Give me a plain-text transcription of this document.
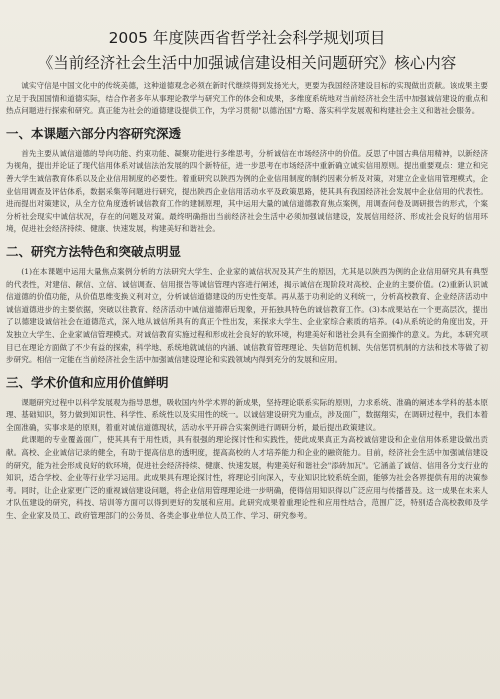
2005 年度陕西省哲学社会科学规划项目
《当前经济社会生活中加强诚信建设相关问题研究》核心内容

诚实守信是中国文化中的传统美德，这种道德观念必须在新时代继续得到发扬光大，更要为我国经济建设目标的实现做出贡献。该成果主要立足于我国国情和道德实际，结合作者多年从事理论教学与研究工作的体会和成果，多维度系统地对当前经济社会生活中加强诚信建设的重点和热点问题进行探索和研究。真正能为社会的道德建设提供工作，为学习贯彻"以德治国"方略、落实科学发展观和构建社会主义和谐社会服务。

一、本课题六部分内容研究深透

首先主要从诚信道德的导向功能、约束功能、凝聚功能进行多维思考，分析诚信在市场经济中的价值。反思了中国古典信用精神，以新经济为视角，提出并论证了现代信用体系对诚信法治发展的四个新特征，进一步思考在市场经济中重新确立诚实信用原则。提出重要观点：建立和完善大学生诚信教育体系以及企业信用制度的必要性。着重研究以陕西为例的企业信用制度的制约因素分析及对策，对建立企业信用管理模式，企业信用调查及评估体系，数据采集等问题进行研究，提出陕西企业信用活动水平及政策思路，使其具有我国经济社会发展中企业信用的代表性。进而提出对策建议，从全方位角度透析诚信教育工作的建制原理，其中运用大量的诚信道德教育焦点案例，用调查问卷及调研报告的形式，个案分析社会现实中诚信状况，存在的问题及对策。最终明确指出当前经济社会生活中必须加强诚信建设，发展信用经济、形成社会良好的信用环境，促进社会经济持续、健康、快速发展，构建美好和谐社会。

二、研究方法特色和突破点明显

(1)在本课题中运用大量焦点案例分析的方法研究大学生、企业家的诚信状况及其产生的原因，尤其是以陕西为例的企业信用研究具有典型的代表性，对建信、献信、立信、诚信调查、信用报告等诚信管理内容进行阐述，揭示诚信在现阶段对高校、企业的主要价值。(2)重新认识诚信道德的价值功能，从价值思维变换义利对立，分析诚信道德建设的历史性变革。再从基于功利论的义利统一，分析高校教育、企业经济活动中诚信道德进步的主要依据，突破以往教育、经济活动中诚信道德滞后现象，开拓独具特色的诚信教育工作。(3)本成果站在一个更高层次，提出了以德建设诚信社会在道德范式，深入地从诚信所具有的真正个性出发，来探求大学生、企业家综合素质的培养。(4)从系统论的角度出发，开发独立大学生、企业家诚信管理模式。对诚信教育实施过程和形成社会良好的软环境，构建美好和谐社会具有全面操作的意义。为此，本研究项目已在理论方面做了不少有益的探索，科学地、系统地就诚信的内涵、诚信教育管理理论、失信防范机制、失信惩罚机制的方法和技术等做了初步研究。相信一定能在当前经济社会生活中加强诚信建设理论和实践领域内得到充分的发展和应用。

三、学术价值和应用价值鲜明

课题研究过程中以科学发展观为指导思想，吸收国内外学术界的新成果，坚持理论联系实际的原则，力求系统、准确的阐述本学科的基本原理、基础知识，努力做到知识性、科学性、系统性以及实用性的统一。以诚信建设研究为重点，涉及面广，数据翔实，在调研过程中，我们本着全面准确，实事求是的原则，着重对诚信道德现状，活动水平开辟合实案例进行调研分析，最后提出政策建议。

此课题的专业覆盖面广，使其具有于用性质，具有很强的理论探讨性和实践性，使此成果真正为高校诚信建设和企业信用体系建设做出贡献。高校、企业诚信记录的健全，有助于提高信息的透明度，提高高校的人才培养能力和企业的融资能力。目前，经济社会生活中加强诚信建设的研究，能为社会形成良好的软环境，促进社会经济持续、健康、快速发展，构建美好和谐社会"添砖加瓦"。它涵盖了诚信、信用各分支行业的知识，适合学校、企业等行业学习运用。此成果具有理论探讨性，将理论引向深入，专业知识比较系统全面，能够为社会各界提供有用的决策参考。同时，让企业家更广泛的重视诚信建设问题，将企业信用管理理论进一步明确，使得信用知识得以广泛应用与传播普及。这一成果在未来人才队伍建设的研究，科技、培训等方面可以得到更好的发展和应用。此研究成果着重理论性和应用性结合，范围广泛，特别适合高校教师及学生、企业家及员工、政府管理部门的公务员、各类企事业单位人员工作、学习、研究参考。
